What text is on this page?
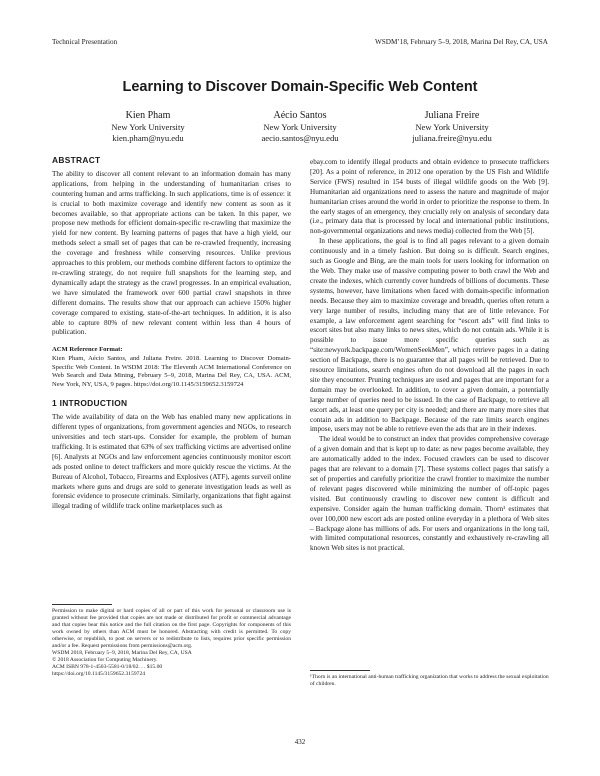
Technical Presentation	WSDM’18, February 5–9, 2018, Marina Del Rey, CA, USA
Learning to Discover Domain-Specific Web Content
Kien Pham
New York University
kien.pham@nyu.edu
Aécio Santos
New York University
aecio.santos@nyu.edu
Juliana Freire
New York University
juliana.freire@nyu.edu
ABSTRACT

The ability to discover all content relevant to an information domain has many applications, from helping in the understanding of humanitarian crises to countering human and arms trafficking. In such applications, time is of essence: it is crucial to both maximize coverage and identify new content as soon as it becomes available, so that appropriate actions can be taken. In this paper, we propose new methods for efficient domain-specific re-crawling that maximize the yield for new content. By learning patterns of pages that have a high yield, our methods select a small set of pages that can be re-crawled frequently, increasing the coverage and freshness while conserving resources. Unlike previous approaches to this problem, our methods combine different factors to optimize the re-crawling strategy, do not require full snapshots for the learning step, and dynamically adapt the strategy as the crawl progresses. In an empirical evaluation, we have simulated the framework over 600 partial crawl snapshots in three different domains. The results show that our approach can achieve 150% higher coverage compared to existing, state-of-the-art techniques. In addition, it is also able to capture 80% of new relevant content within less than 4 hours of publication.

ACM Reference Format:

Kien Pham, Aécio Santos, and Juliana Freire. 2018. Learning to Discover Domain-Specific Web Content. In WSDM 2018: The Eleventh ACM International Conference on Web Search and Data Mining, February 5–9, 2018, Marina Del Rey, CA, USA. ACM, New York, NY, USA, 9 pages. https://doi.org/10.1145/3159652.3159724

1 INTRODUCTION

The wide availability of data on the Web has enabled many new applications in different types of organizations, from government agencies and NGOs, to research universities and tech start-ups. Consider for example, the problem of human trafficking. It is estimated that 63% of sex trafficking victims are advertised online [6]. Analysts at NGOs and law enforcement agencies continuously monitor escort ads posted online to detect traffickers and more quickly rescue the victims. At the Bureau of Alcohol, Tobacco, Firearms and Explosives (ATF), agents surveil online markets where guns and drugs are sold to generate investigation leads as well as forensic evidence to prosecute criminals. Similarly, organizations that fight against illegal trading of wildlife track online marketplaces such as

Permission to make digital or hard copies of all or part of this work for personal or classroom use is granted without fee provided that copies are not made or distributed for profit or commercial advantage and that copies bear this notice and the full citation on the first page. Copyrights for components of this work owned by others than ACM must be honored. Abstracting with credit is permitted. To copy otherwise, or republish, to post on servers or to redistribute to lists, requires prior specific permission and/or a fee. Request permissions from permissions@acm.org.
WSDM 2018, February 5–9, 2018, Marina Del Rey, CA, USA
© 2018 Association for Computing Machinery.
ACM ISBN 978-1-4503-5581-0/18/02. . . $15.00
https://doi.org/10.1145/3159652.3159724

ebay.com to identify illegal products and obtain evidence to prosecute traffickers [20]. As a point of reference, in 2012 one operation by the US Fish and Wildlife Service (FWS) resulted in 154 busts of illegal wildlife goods on the Web [9]. Humanitarian aid organizations need to assess the nature and magnitude of major humanitarian crises around the world in order to prioritize the response to them. In the early stages of an emergency, they crucially rely on analysis of secondary data (i.e., primary data that is processed by local and international public institutions, non-governmental organizations and news media) collected from the Web [5].

In these applications, the goal is to find all pages relevant to a given domain continuously and in a timely fashion. But doing so is difficult. Search engines, such as Google and Bing, are the main tools for users looking for information on the Web. They make use of massive computing power to both crawl the Web and create the indexes, which currently cover hundreds of billions of documents. These systems, however, have limitations when faced with domain-specific information needs. Because they aim to maximize coverage and breadth, queries often return a very large number of results, including many that are of little relevance. For example, a law enforcement agent searching for “escort ads” will find links to escort sites but also many links to news sites, which do not contain ads. While it is possible to issue more specific queries such as “site:newyork.backpage.com/WomenSeekMen”, which retrieve pages in a dating section of Backpage, there is no guarantee that all pages will be retrieved. Due to resource limitations, search engines often do not download all the pages in each site they encounter. Pruning techniques are used and pages that are important for a domain may be overlooked. In addition, to cover a given domain, a potentially large number of queries need to be issued. In the case of Backpage, to retrieve all escort ads, at least one query per city is needed; and there are many more sites that contain ads in addition to Backpage. Because of the rate limits search engines impose, users may not be able to retrieve even the ads that are in their indexes.

The ideal would be to construct an index that provides comprehensive coverage of a given domain and that is kept up to date: as new pages become available, they are automatically added to the index. Focused crawlers can be used to discover pages that are relevant to a domain [7]. These systems collect pages that satisfy a set of properties and carefully prioritize the crawl frontier to maximize the number of relevant pages discovered while minimizing the number of off-topic pages visited. But continuously crawling to discover new content is difficult and expensive. Consider again the human trafficking domain. Thorn¹ estimates that over 100,000 new escort ads are posted online everyday in a plethora of Web sites – Backpage alone has millions of ads. For users and organizations in the long tail, with limited computational resources, constantly and exhaustively re-crawling all known Web sites is not practical.

¹Thorn is an international anti-human trafficking organization that works to address the sexual exploitation of children.
432
